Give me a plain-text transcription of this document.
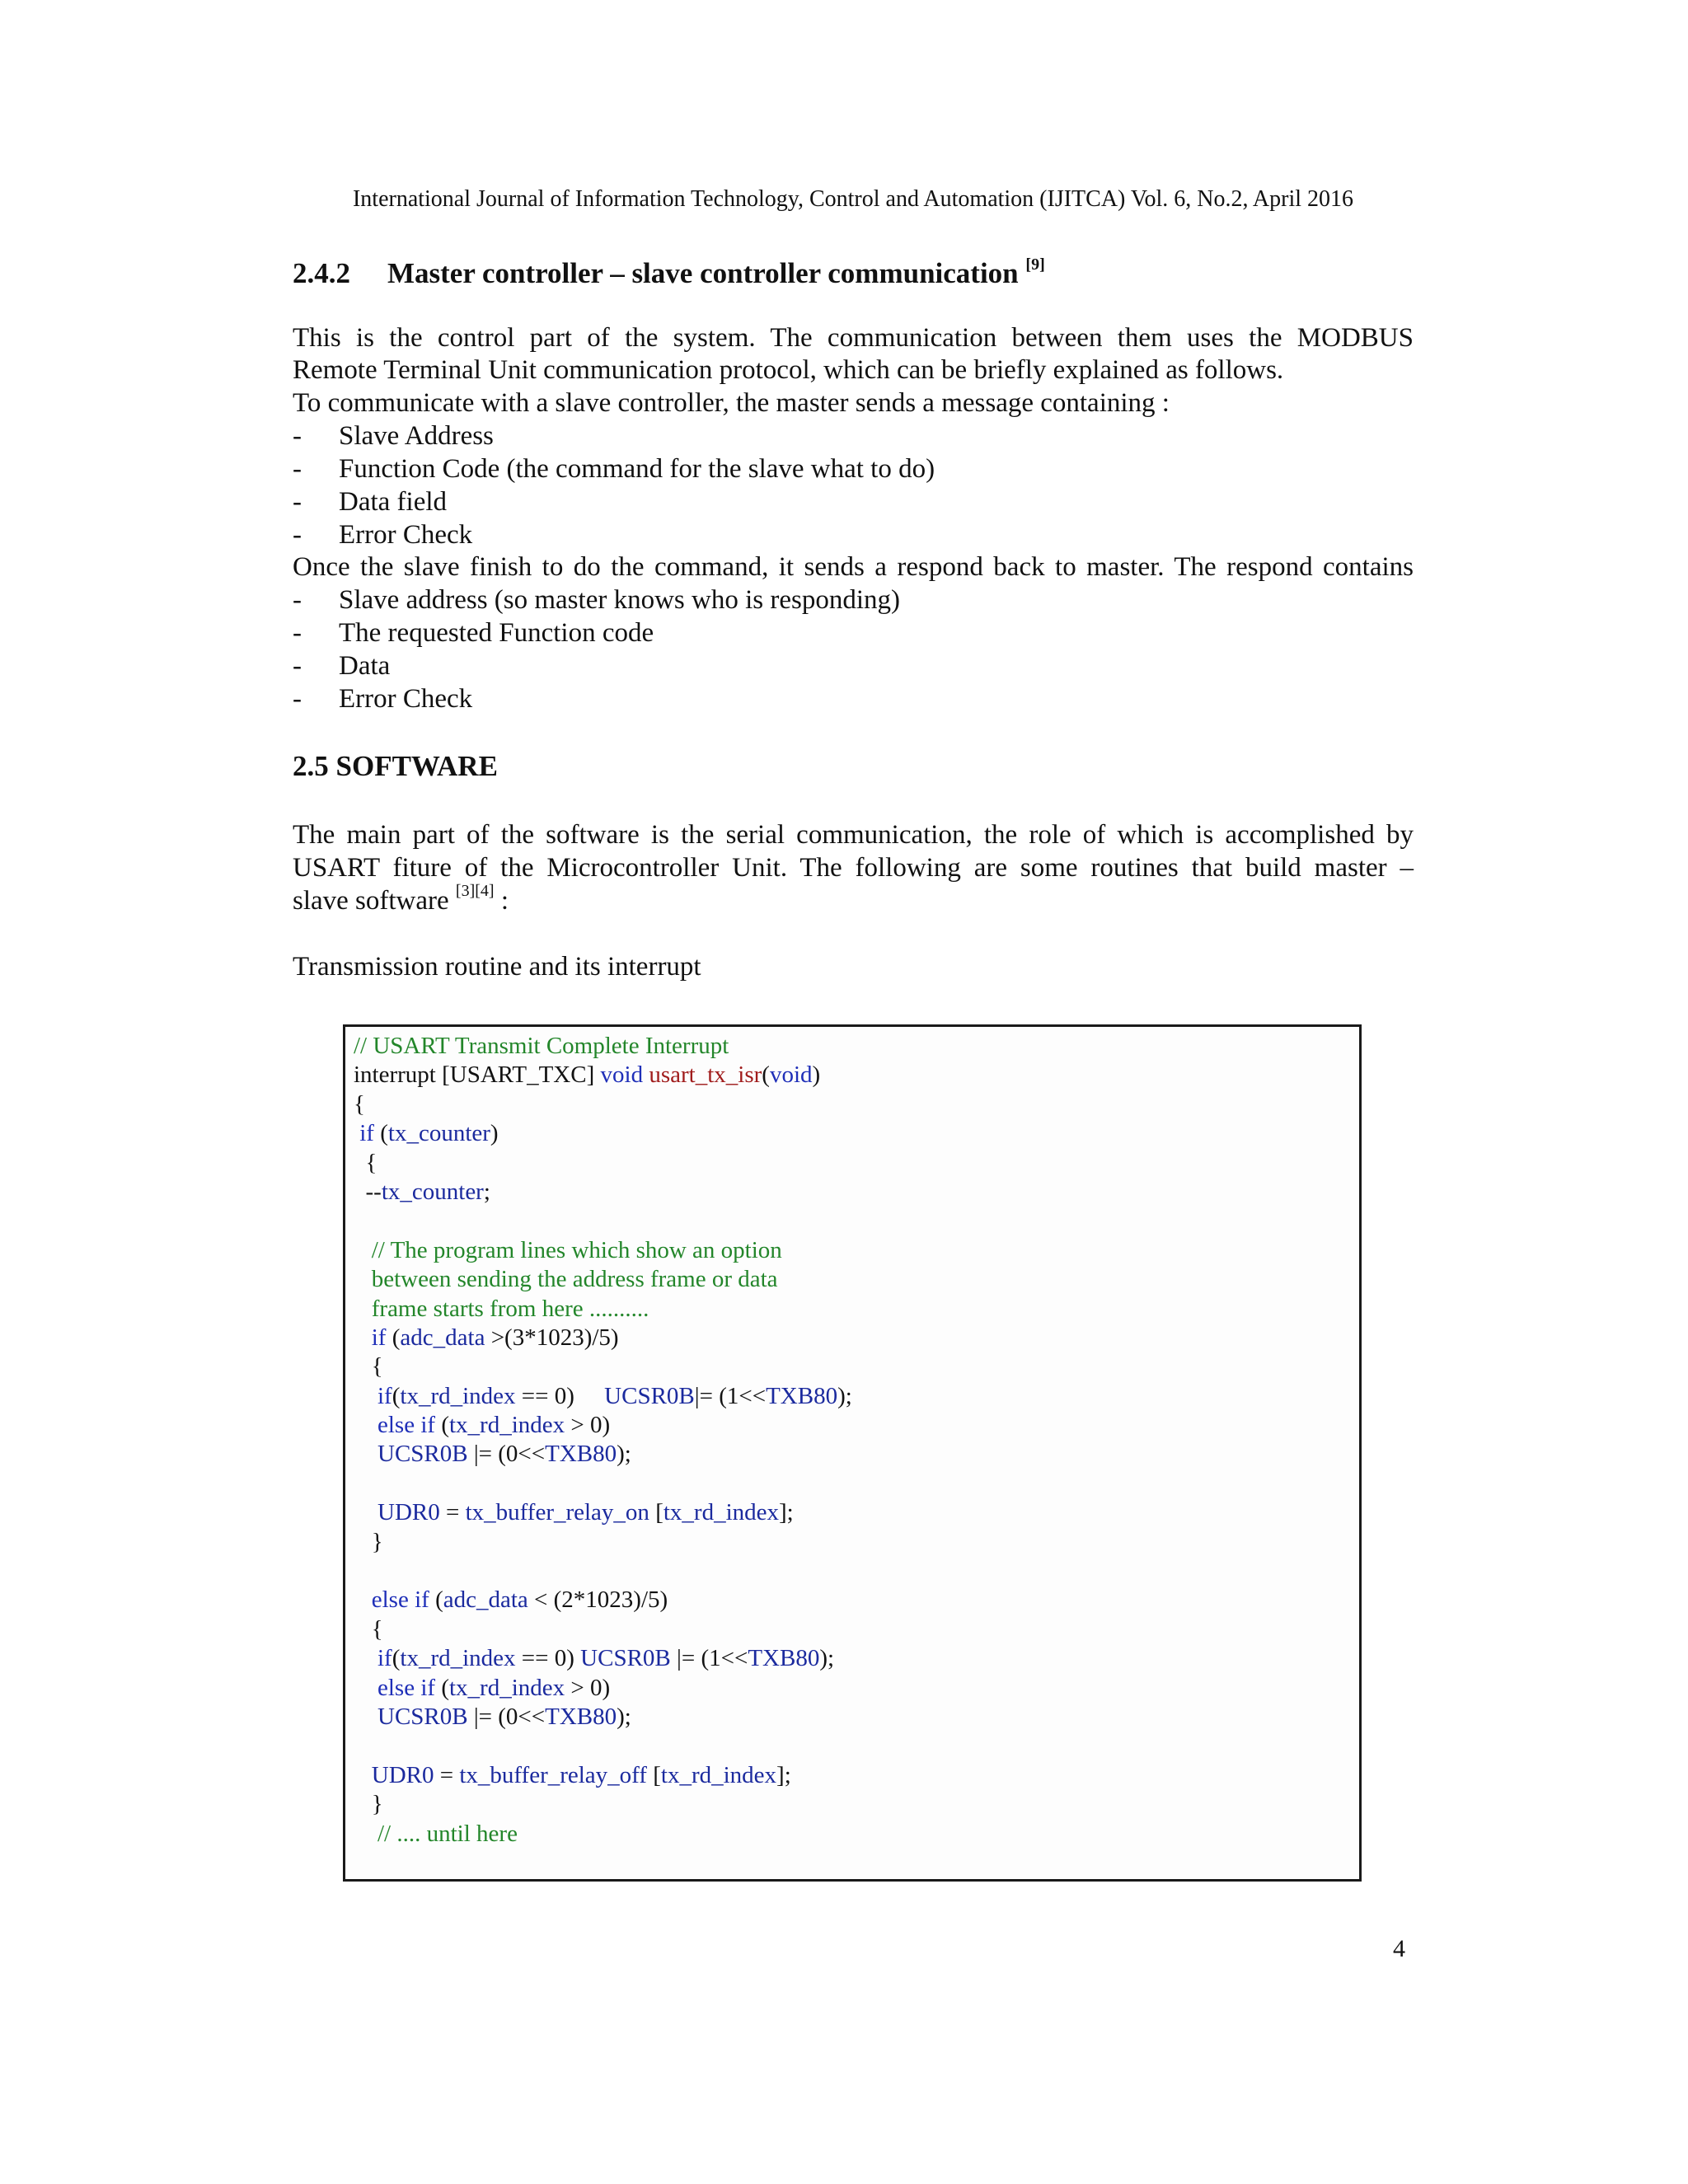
International Journal of Information Technology, Control and Automation (IJITCA) Vol. 6, No.2, April 2016
2.4.2 Master controller – slave controller communication [9]
This is the control part of the system. The communication between them uses the MODBUS
Remote Terminal Unit communication protocol, which can be briefly explained as follows.
To communicate with a slave controller, the master sends a message containing :
- Slave Address
- Function Code (the command for the slave what to do)
- Data field
- Error Check
Once the slave finish to do the command, it sends a respond back to master. The respond contains
- Slave address (so master knows who is responding)
- The requested Function code
- Data
- Error Check
2.5 SOFTWARE
The main part of the software is the serial communication, the role of which is accomplished by
USART fiture of the Microcontroller Unit. The following are some routines that build master –
slave software [3][4] :
Transmission routine and its interrupt
// USART Transmit Complete Interrupt
interrupt [USART_TXC] void usart_tx_isr(void)
{
if (tx_counter)
{
--tx_counter;
// The program lines which show an option
between sending the address frame or data
frame starts from here ..........
if (adc_data >(3*1023)/5)
{
if(tx_rd_index == 0)     UCSR0B|= (1<<TXB80);
else if (tx_rd_index > 0)
UCSR0B |= (0<<TXB80);
UDR0 = tx_buffer_relay_on [tx_rd_index];
}
else if (adc_data < (2*1023)/5)
{
if(tx_rd_index == 0) UCSR0B |= (1<<TXB80);
else if (tx_rd_index > 0)
UCSR0B |= (0<<TXB80);
UDR0 = tx_buffer_relay_off [tx_rd_index];
}
// .... until here
4
